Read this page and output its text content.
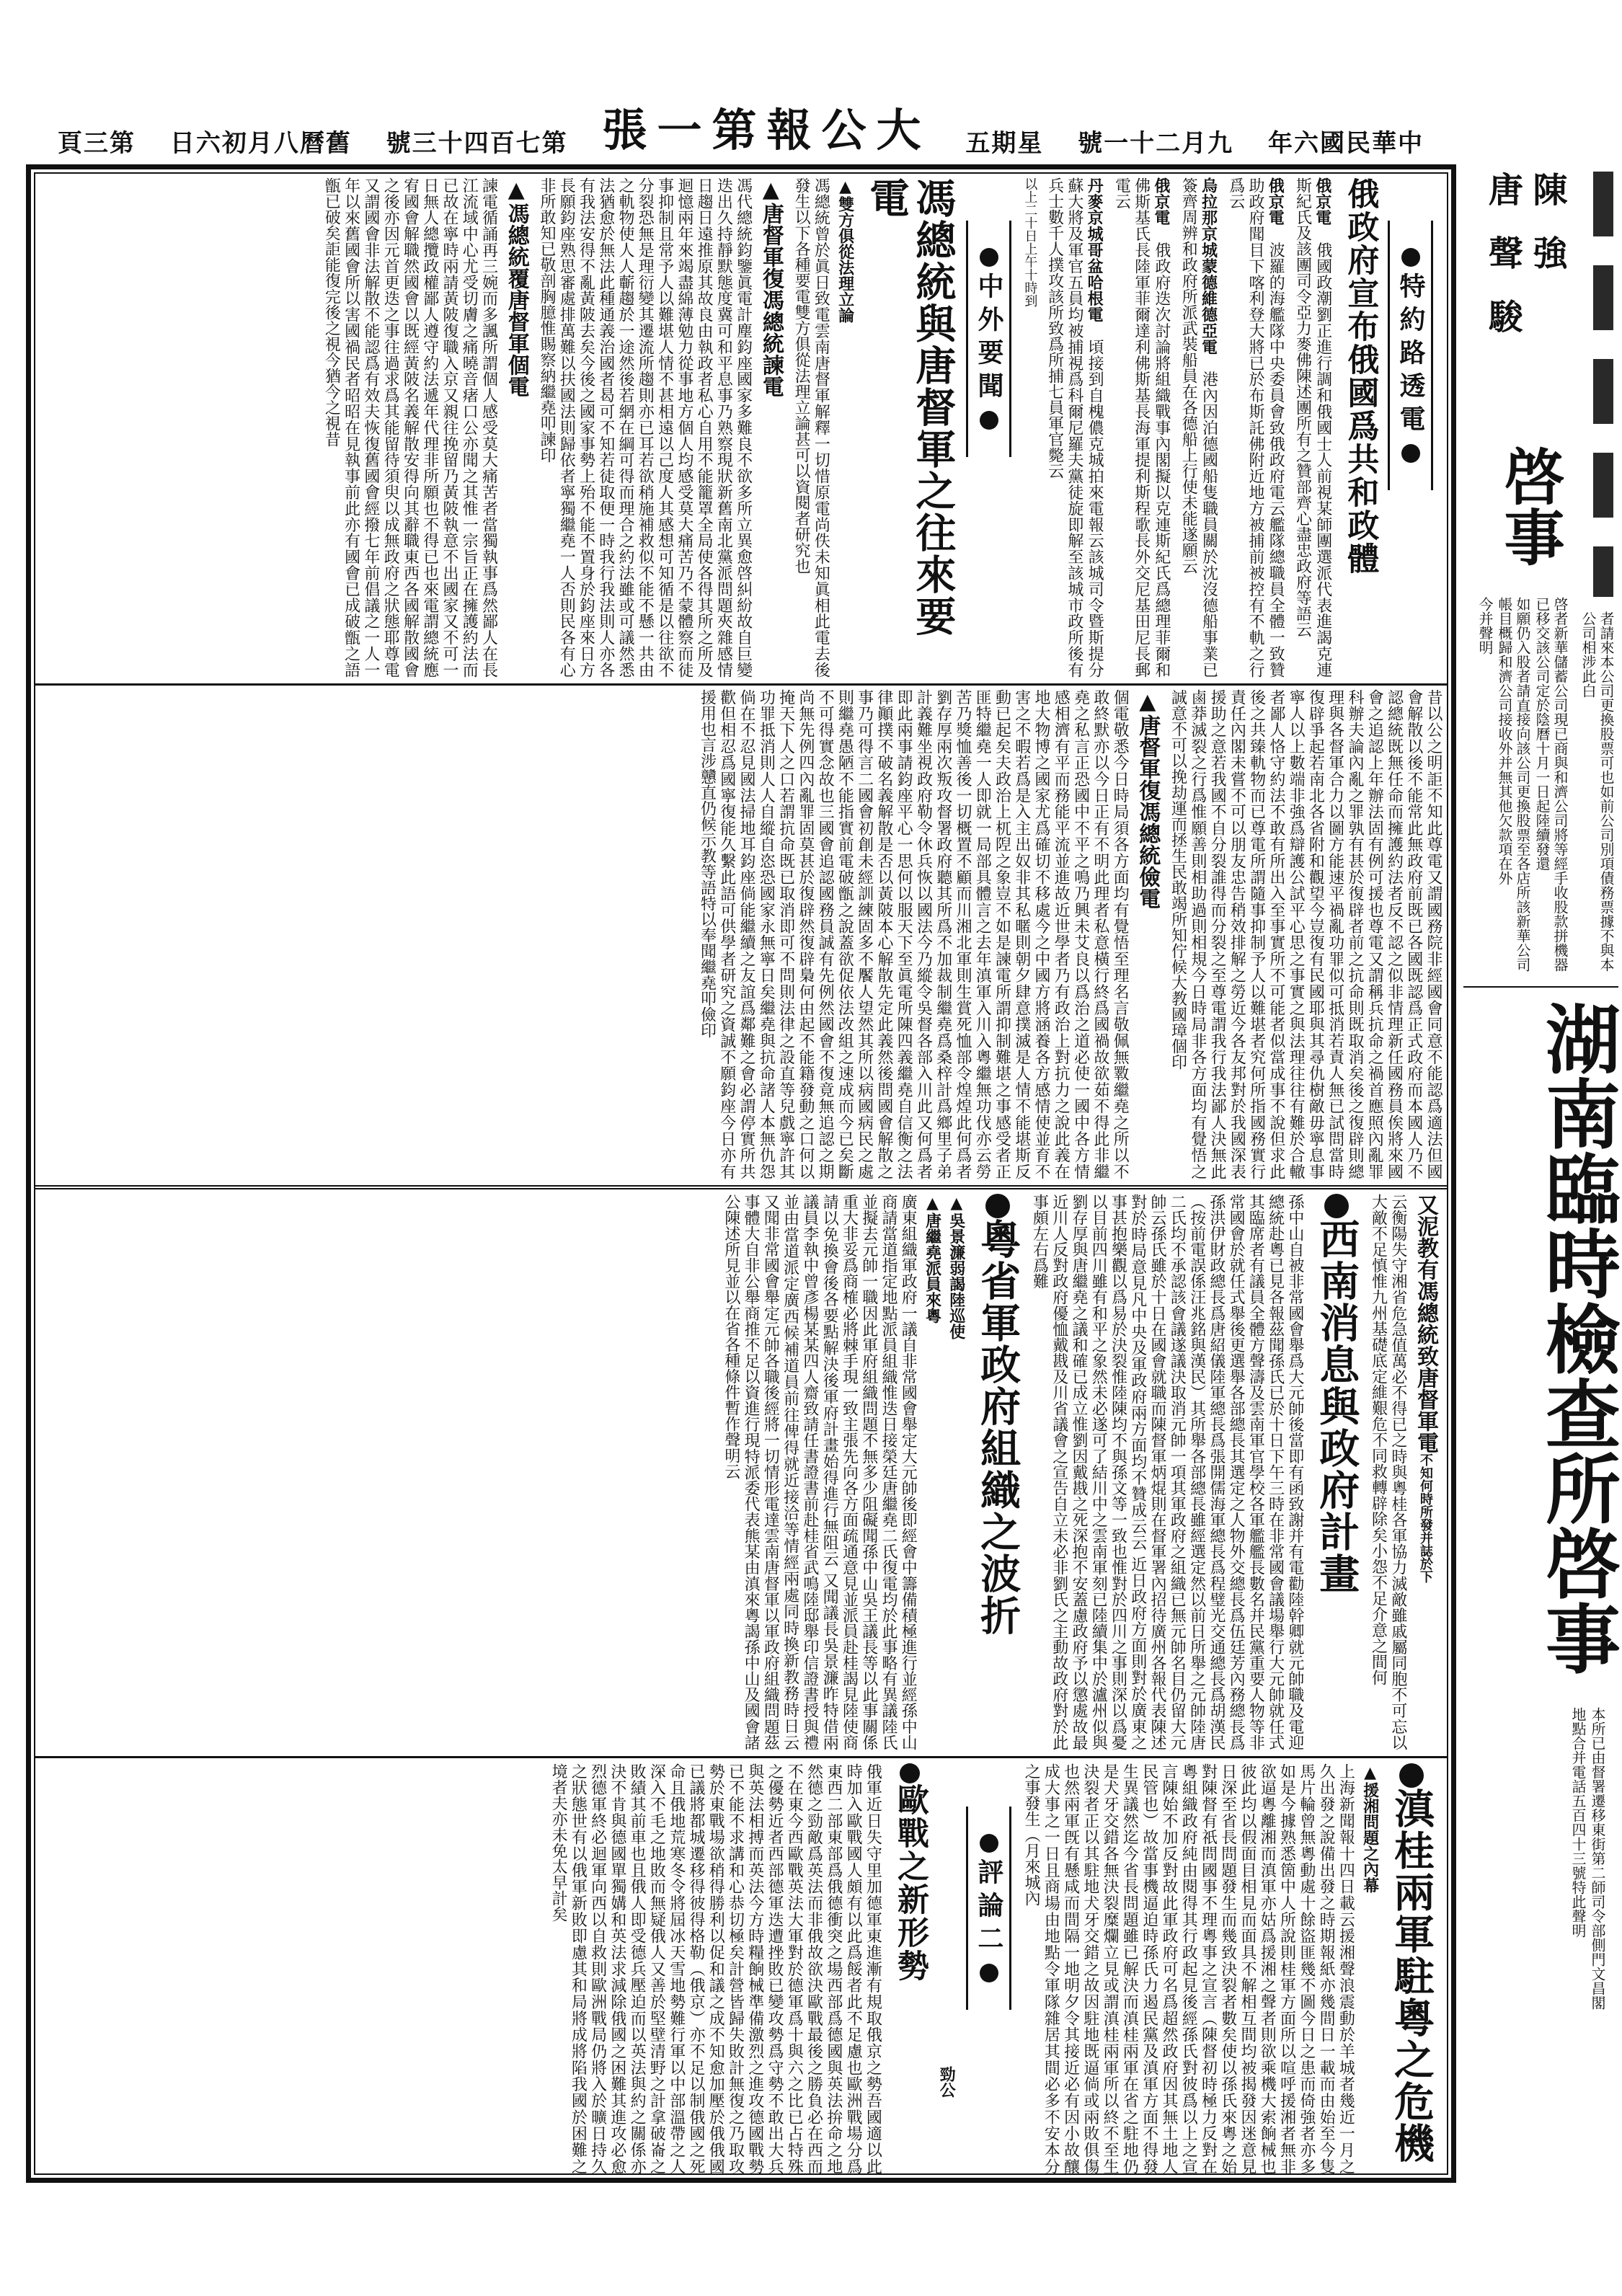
中華民國六年
九月二十一號
星期五
大公報第一張
第七百四十三號
舊曆八月初六日
第三頁
特約路透電
俄政府宣布俄國爲共和政體

俄京電　俄國政潮劉正進行調和俄國士人前視某師團選派代表進謁克連斯紀氏及該團司令亞力麥佛陳述團所有之贊部齊心盡忠政府等語云

俄京電　波羅的海艦隊中央委員會致俄政府電云艦隊總職員全體一致贊助政府聞目下喀利登大將已於布斯託佛附近地方被捕前被控有不軌之行爲云

烏拉那京城蒙德維德亞電　港內因泊德國船隻職員關於沈沒德船事業已簽齊周辨和政府所派武裝船員在各德船上行使未能遂願云

俄京電　俄政府迭次討論將組織戰事內閣擬以克連斯紀氏爲總理菲爾和佛斯基氏長陸軍菲爾達利佛斯基長海軍提利斯程歌長外交尼基田尼長郵電云

丹麥京城哥盆哈根電　頃接到自槐儂克城拍來電報云該城司令暨斯提分蘇大將及軍官五員均被捕視爲科爾尼羅夫黨徒旋即解至該城市政所後有兵士數千人撲攻該所致爲所捕七員軍官斃云

以上二十日上午十時到

中外要聞
馮總統與唐督軍之往來要電
▲雙方俱從法理立論

馮總統曾於眞日致電雲南唐督軍解釋一切惜原電尚佚未知眞相此電去後發生以下各種要電雙方俱從法理立論甚可以資閱者研究也

▲唐督軍復馮總統諫電

馮代總統鈞鑒眞電計塵鈞座國家多難良不欲多所立異愈啓糾紛故自巨變迭出久持靜默態度冀可和平息事乃熟察現狀新舊南北黨派問題夾雜感情日趨日遠推原其故良由執政者私心自用不能籠罩全局使各得其所之所及迴憶兩年來竭盡綿薄勉力從事地方個人均感受莫大痛苦乃不蒙體察而徒事抑制且常予人以難堪人情不甚相遠以己度人其感想可知循是以往欲不分裂恐無是理衍變其遷流所趨則亦已耳若欲稍施補救似不能不懸一共由之軌物使人人蘄趨於一途然後若網在綱可得而理合之約法雖或可議然悉法猶愈於無法此種通義治國者曷可不知若徒取便一時我行我法則人亦各有我法安得不亂黃陂去矣今後之國家事勢上殆不能不置身於鈞座來日方長願鈞座熟思審處排萬難以扶國法則歸依者寧獨繼堯一人否則民各有心非所敢知已敬剖胸臆惟賜察納繼堯叩諫印

▲馮總統覆唐督軍個電

諫電循誦再三婉而多諷所謂個人感受莫大痛苦者當獨執事爲然鄙人在長江流域中心尤受切膚之痛曉音瘏口公亦聞之其惟一宗旨正在擁護約法而已故在寧時兩請黃陂復職入京又親往挽留乃黃陂執意不出國家又不可一日無人總攬政權鄙人遵守約法遞年代理非所願也不得已也來電謂總統應宥國會解職然國會以既經黃陂名義解散安得向其辭職東西各國解散國會之後亦因元首更迭之事往過求爲其能留待須臾以成無政府之狀態耶尊電又謂國會非法解散不能認爲有效夫恢復舊國會經撥七年前倡議之一人一年以來舊國會所以害國禍民者昭昭在見執事前此亦有國會已成破甑之語甑已破矣詎能復完後之視今猶今之視昔

昔以公之明詎不知此尊電又謂國務院非經國會同意不能認爲適法但國會解散以後不能常此無政府前既已各國既認爲正式政府而本國人乃不認總統既無任命而擁護約法者反不認之似非情理新任國務員俟將來國會之追認上年辦法固有例可援也尊電又謂稱兵抗命之禍首應照內亂罪科辦夫論內亂之罪孰有甚於復辟者前之抗命則既取消矣後之復辟則總理與各督軍合力以圖方能速平禍亂功罪似可抵消若責人無已試問當時復辟爭起若南北各省附和觀望今豈復有民國耶與其尋仇樹敵毋寧息事寧人以上數端非強爲辯護公試平心思之事實之與法理往往有難於合轍者鄙人恪守約法不敢有所出入至事實所不可能者似當成事不說但求此後之共臻軌物而已尊電所謂隨事抑制予人以難堪者究何所指國務實行責任內閣未嘗不可以朋友忠告稍效排解之勞近今各友邦對於我國深表援助之意若我國不自分裂誰得而分裂之至尊電謂我行我法鄙人決無此鹵莽滅裂之行爲惟願善則相助過則相規今日時局非各方面均有覺悟之誠意不可以挽劫運而拯生民敢竭所知佇候大教國璋個印

▲唐督軍復馮總統儉電

個電敬悉今日時局須各方面均有覺悟至理名言敬佩無斁繼堯之所以不敢終默亦以今日正有不明此理者私意橫行終爲國禍故欲茹不得此非繼堯之私言正恐國中不平之鳴乃興未艾良以爲治之道必使一國中各方情感相濟有平而務能平流並進故近世學者乃有政治上對抗力之說此義在地大物博之國家尤爲確切不移處今之中國方將涵養各方感情使並育不害之不暇若爲是入主出奴非其私暱則朝夕肆意撲滅是人情不能堪斯反動已起矣夫政治上杌隉之象豈不如是諫電所謂抑制難堪之事感受者正匪特繼堯一人即就一局部具體言之去年滇軍入川入粵繼無功伐亦云勞苦乃獎恤善後一切概置不顧而川湘北軍則生賞死恤部令煌煌此何爲者劉存厚兩次叛攻督署政府聽其所爲不加裁制繼堯爲桑梓計爲鄉里子弟計義難坐視政府勒令休兵恢以國法今乃縱令吳督各部入川此又何爲者即此兩事請鈞座平心一思何以服天下至眞電所陳四義繼堯自信衡之法律顚撲不破名義解散是否以黃陂本心解散先定此義然後問國會解散之事乃可得言二國會初創未經訓練固多不饜人望然其所以病國病民之處則繼堯愚陋不能指實前電破甑之說蓋欲促依法改組之速成而今已矣斷不可得實念故也三國會追認國務員誠有先例然國會不復竟無追認之期尚無先例四內亂罪固莫甚於復辟然復辟梟何由起不能籍發動之口何以掩天下人之口若謂抗命既已取消即可不問則法律之設直等兒戲寧許其功罪抵消則人人自縱自恣恐國家永無寧日矣繼堯與抗命諸人本無仇怨倘在不忍見國法掃地耳鈞座倘能繼續之友誼爲鄰難之會必謂停實所共歡但相忍爲國寧復能久繫此語可供學者研究之資誠不願鈞座今日亦有援用也言涉戇直仍候示教等語特以奉聞繼堯叩儉印

又泥教有馮總統致唐督軍電不知何時所發并誌於下

云衡陽失守湘省危急值萬必不得已之時與粵桂各軍協力滅敵雖戚屬同胞不可忘以大敵不足慎惟九州基礎底定維艱危不同救轉辟除矣小怨不足介意之間何

西南消息與政府計畫

孫中山自被非常國會舉爲大元帥後當即有函致謝并有電勸陸幹卿就元帥職及電迎總統赴粵已見各報茲聞孫氏已於十日下午三時在非常國會議場舉行大元帥就任式其臨席者有議員全體方聲濤及雲南軍官學校各軍艦艦長數名并民黨重要人物等非常國會於就任式舉後更選舉各部總長其選定之人物外交總長爲伍廷芳內務總長爲孫洪伊財政總長爲唐紹儀陸軍總長爲張開儒海軍總長爲程璧光交通總長爲胡漢民（按前電誤係汪兆銘與漢民）其所舉各部總長雖經選定然以前日所舉之元帥陸唐二氏均不承認該會議遂議決取消元帥一項其軍政府之組織已無元帥名目仍留大元帥云孫氏雖於十日在國會就職而陳督軍炳焜則在督軍署內招待廣州各報代表陳述對於時局意見凡中央及軍政府兩方面均不贊成云云 近日政府方面則對於廣東之事甚抱樂觀以爲易於決裂惟陸陳均不與孫文等一致也惟對於四川之事則深以爲憂以目前四川雖有和平之象然未必遂可了結川中之雲南軍刻已陸續集中於瀘州似與劉存厚與唐繼堯之議和確已成立惟劉因戴戡之死深抱不安蓋慮政府予以懲處故最近川人反對政府優恤戴戡及川省議會之宣告自立未必非劉氏之主動故政府對於此事頗左右爲難

粵省軍政府組織之波折
▲吳景濂弱謁陸巡使
▲唐繼堯派員來粵

廣東組織軍政府一議自非常國會舉定大元帥後即經會中籌備積極進行並經孫中山商請當道指定地點派員組織惟迭日接榮廷唐繼堯二氏復電均於此事略有異議陸氏並擬去元帥一職因此軍府組織問題不無多少阻礙聞孫中山吳王議長等以此事關係重大非妥爲商榷必將棘手現一致主張先向各方面疏通意見並派員赴桂謁見陸使商請以免換會後各要點解決後軍府計畫始得進行無阻云 又聞議長吳景濂昨特借兩議員李執中曾彥楊某某四人齋致請任書證書前赴桂省武鳴陸邸舉印信證書授與禮並由當道派定廣西候補道員前往俾得就近接洽等情經兩處同時換新教務時日云 又聞非常國會舉定元帥各職後經將一切情形電達雲南唐督軍以軍政府組織問題茲事體大自非公舉商推不足以資進行現特派委代表熊某由滇來粵謁孫中山及國會諸公陳述所見並以在省各種條件暫作聲明云

滇桂兩軍駐粵之危機
▲援湘問題之內幕

上海新聞報十四日載云援湘聲浪震動於羊城者幾近一月之久出發之說備出發之時期報紙亦幾間日一載而由始至今隻馬片輪曾無粵動處十餘盜匪幾不圖今日之患而倚強者亦多如是今據熟悉箇中人所說則桂軍方面所以喧呼援湘者無非欲逼粵離湘而滇軍亦姑爲援湘之聲者則欲乘機大索餉械也彼此均以假面目相見而面具不解相互間均被揭發因迷意見日深至省長問題發生而幾致決裂者數矣使以孫氏來粵之始對陳督有祇問國事不理粵事之宣言（陳督初時極力反對在粵組織政府純由閱得其行政起見後經孫氏對彼爲以上之宣言陳始不加反對故此軍政府可名爲超然政府因其無土地人民管也）故當事機逼迫時孫氏力遏民黨及滇軍方面不得發生異議然迄今省長問題雖已解決而滇桂兩軍在省之駐地仍是犬牙交錯各無決裂糜爛立見或謂滇桂兩軍所以終不至生決裂者正以其駐地犬牙交錯之故因駐地既逼倘或兩敗俱傷也然兩軍旣有懸咸而間隔一地明夕令其接近必有因小故釀成大事之一日且商場由地點令軍隊雜居其間必多不安本分之事發生（月來城內

評論二
勁公
歐戰之新形勢

俄軍近日失守里加德軍東進漸有規取俄京之勢吾國適以此時加入歐戰國人頗有以此爲餒者此不足慮也歐洲戰場分爲東西二部東部爲俄德衝突之場西部爲德國與英法拚命之地然德之勁敵爲英法而非俄故欲決歐戰最後之勝負必在西而不在東今西歐戰英法大軍對於德軍爲十與六之比已占特殊之優勢近者西部德軍迭遭挫敗已變攻勢爲守勢不敢出大兵與英法相搏而英法今方時糧餉械準備激烈之進攻德國戰勢已不能不求講和心恭切極矣計營皆歸失敗計無復之乃取攻勢於東戰場欲稍得勝利以促和議之成不知愈加壓於俄俄國已議將都城遷移得彼得格勒（俄京）亦不足以制俄國之死命且俄地荒寒冬令將屆冰天雪地勢難行軍以中部溫帶之人深入不毛之地敗而無疑俄人又善於堅壁清野之計拿破崙之敗績其前車也且俄人即受德兵壓迫而以英法與約之關係亦決不肯與德國單獨媾和英法求減除俄國之困難其進攻必愈烈德軍終必迴軍向西以自救則歐洲戰局仍將入於曠日持久之狀態世有以俄軍新敗即慮其和局將成將陷我國於困難之境者夫亦未免太早計矣

者請來本公司更換股票可也如前公司別項債務票據不與本公司相涉此白
陳強
唐聲駿
啓事
啓者新華儲蓄公司現已商與和濟公司將等經手收股款拼機器已移交該公司定於陰曆十月一日起陸續發還
如願仍入股者請直接向該公司更換股票至各店所該新華公司帳目概歸和濟公司接收外并無其他欠款項在外
今并聲明
湖南臨時檢查所啓事
本所已由督署遷移東街第二師司令部側門文昌閣
地點合并電話五百四十三號特此聲明
